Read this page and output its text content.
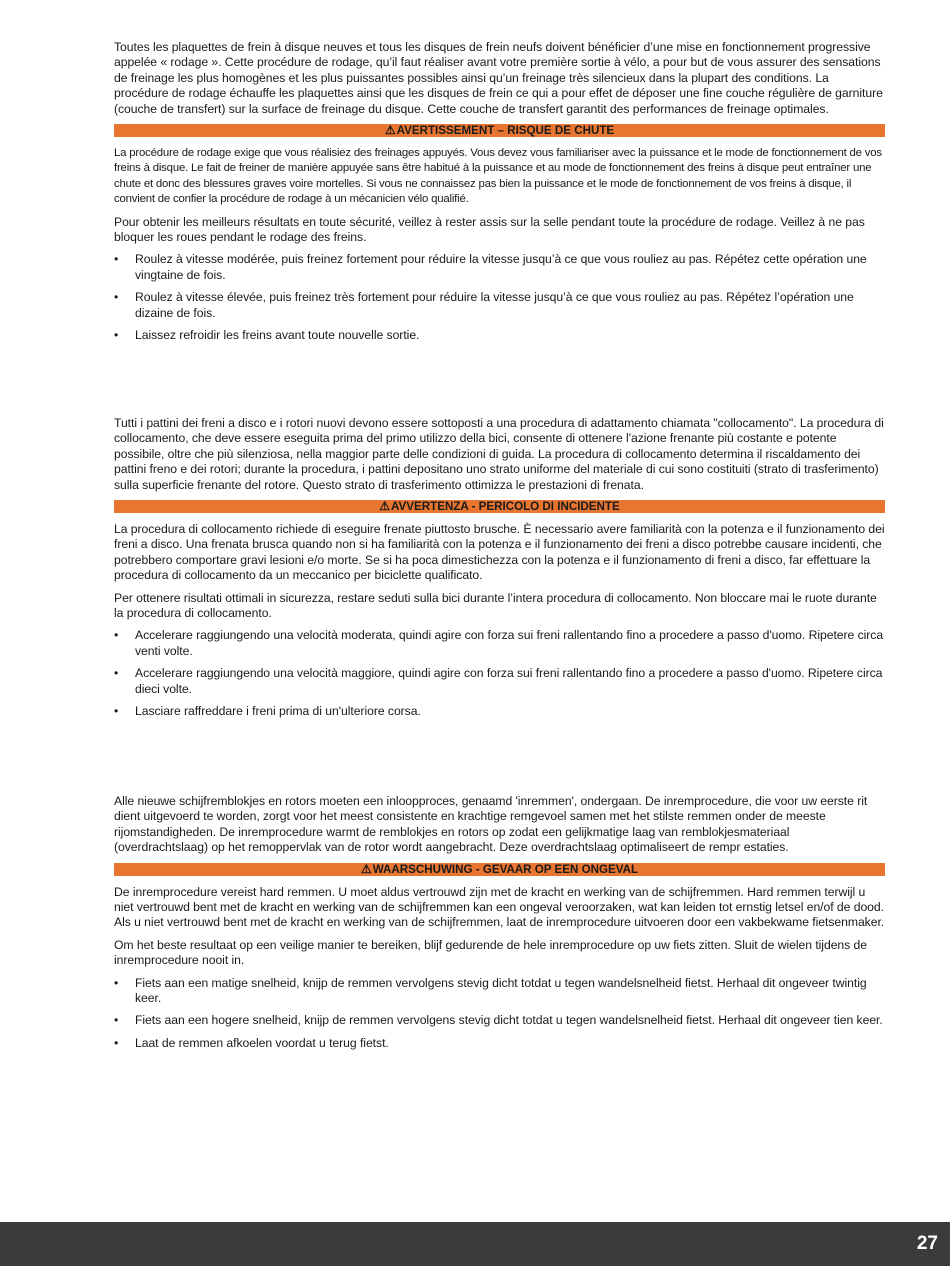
Toutes les plaquettes de frein à disque neuves et tous les disques de frein neufs doivent bénéficier d’une mise en fonctionnement progressive appelée « rodage ». Cette procédure de rodage, qu’il faut réaliser avant votre première sortie à vélo, a pour but de vous assurer des sensations de freinage les plus homogènes et les plus puissantes possibles ainsi qu’un freinage très silencieux dans la plupart des conditions. La procédure de rodage échauffe les plaquettes ainsi que les disques de frein ce qui a pour effet de déposer une fine couche régulière de garniture (couche de transfert) sur la surface de freinage du disque. Cette couche de transfert garantit des performances de freinage optimales.

⚠AVERTISSEMENT – RISQUE DE CHUTE

La procédure de rodage exige que vous réalisiez des freinages appuyés. Vous devez vous familiariser avec la puissance et le mode de fonctionnement de vos freins à disque. Le fait de freiner de manière appuyée sans être habitué à la puissance et au mode de fonctionnement des freins à disque peut entraîner une chute et donc des blessures graves voire mortelles. Si vous ne connaissez pas bien la puissance et le mode de fonctionnement de vos freins à disque, il convient de confier la procédure de rodage à un mécanicien vélo qualifié.

Pour obtenir les meilleurs résultats en toute sécurité, veillez à rester assis sur la selle pendant toute la procédure de rodage. Veillez à ne pas bloquer les roues pendant le rodage des freins.

• Roulez à vitesse modérée, puis freinez fortement pour réduire la vitesse jusqu’à ce que vous rouliez au pas. Répétez cette opération une vingtaine de fois.
• Roulez à vitesse élevée, puis freinez très fortement pour réduire la vitesse jusqu’à ce que vous rouliez au pas. Répétez l’opération une dizaine de fois.
• Laissez refroidir les freins avant toute nouvelle sortie.

Tutti i pattini dei freni a disco e i rotori nuovi devono essere sottoposti a una procedura di adattamento chiamata "collocamento". La procedura di collocamento, che deve essere eseguita prima del primo utilizzo della bici, consente di ottenere l'azione frenante più costante e potente possibile, oltre che più silenziosa, nella maggior parte delle condizioni di guida. La procedura di collocamento determina il riscaldamento dei pattini freno e dei rotori; durante la procedura, i pattini depositano uno strato uniforme del materiale di cui sono costituiti (strato di trasferimento) sulla superficie frenante del rotore. Questo strato di trasferimento ottimizza le prestazioni di frenata.

⚠AVVERTENZA - PERICOLO DI INCIDENTE

La procedura di collocamento richiede di eseguire frenate piuttosto brusche. È necessario avere familiarità con la potenza e il funzionamento dei freni a disco. Una frenata brusca quando non si ha familiarità con la potenza e il funzionamento dei freni a disco potrebbe causare incidenti, che potrebbero comportare gravi lesioni e/o morte. Se si ha poca dimestichezza con la potenza e il funzionamento di freni a disco, far effettuare la procedura di collocamento da un meccanico per biciclette qualificato.

Per ottenere risultati ottimali in sicurezza, restare seduti sulla bici durante l’intera procedura di collocamento. Non bloccare mai le ruote durante la procedura di collocamento.

• Accelerare raggiungendo una velocità moderata, quindi agire con forza sui freni rallentando fino a procedere a passo d'uomo. Ripetere circa venti volte.
• Accelerare raggiungendo una velocità maggiore, quindi agire con forza sui freni rallentando fino a procedere a passo d'uomo. Ripetere circa dieci volte.
• Lasciare raffreddare i freni prima di un'ulteriore corsa.

Alle nieuwe schijfremblokjes en rotors moeten een inloopproces, genaamd 'inremmen', ondergaan. De inremprocedure, die voor uw eerste rit dient uitgevoerd te worden, zorgt voor het meest consistente en krachtige remgevoel samen met het stilste remmen onder de meeste rijomstandigheden. De inremprocedure warmt de remblokjes en rotors op zodat een gelijkmatige laag van remblokjesmateriaal (overdrachtslaag) op het remoppervlak van de rotor wordt aangebracht. Deze overdrachtslaag optimaliseert de rempr estaties.

⚠WAARSCHUWING - GEVAAR OP EEN ONGEVAL

De inremprocedure vereist hard remmen. U moet aldus vertrouwd zijn met de kracht en werking van de schijfremmen. Hard remmen terwijl u niet vertrouwd bent met de kracht en werking van de schijfremmen kan een ongeval veroorzaken, wat kan leiden tot ernstig letsel en/of de dood. Als u niet vertrouwd bent met de kracht en werking van de schijfremmen, laat de inremprocedure uitvoeren door een vakbekwame fietsenmaker.

Om het beste resultaat op een veilige manier te bereiken, blijf gedurende de hele inremprocedure op uw fiets zitten. Sluit de wielen tijdens de inremprocedure nooit in.

• Fiets aan een matige snelheid, knijp de remmen vervolgens stevig dicht totdat u tegen wandelsnelheid fietst. Herhaal dit ongeveer twintig keer.
• Fiets aan een hogere snelheid, knijp de remmen vervolgens stevig dicht totdat u tegen wandelsnelheid fietst. Herhaal dit ongeveer tien keer.
• Laat de remmen afkoelen voordat u terug fietst.
27
